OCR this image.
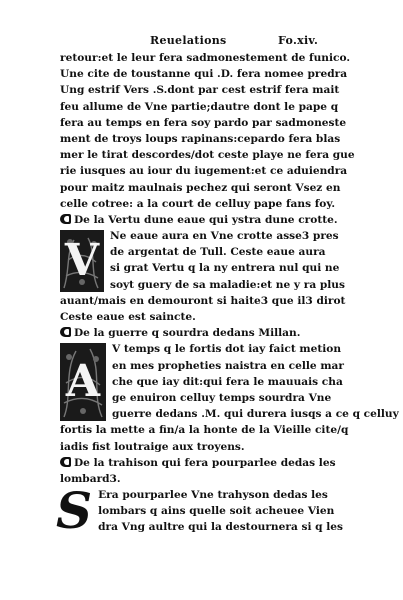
Reuelations	Fo.xiv.
retour:et le leur fera sadmonestement de funico.
Une cite de toustanne qui .D. fera nomee predra
Ung estrif Vers .S.dont par cest estrif fera mait
feu allume de Vne partie;dautre dont le pape q
fera au temps en fera soy pardo par sadmoneste
ment de troys loups rapinans:cepardo fera blas
mer le tirat descordes/dot ceste playe ne fera gue
rie iusques au iour du iugement:et ce aduiendra
pour maitz maulnais pechez qui seront Vsez en
celle cotree: a la court de celluy pape fans foy.
De la Vertu dune eaue qui ystra dune crotte.
V	Ne eaue aura en Vne crotte asse3 pres
de argentat de Tull. Ceste eaue aura
si grat Vertu q la ny entrera nul qui ne
soyt guery de sa maladie:et ne y ra plus
auant/mais en demouront si haite3 que il3 dirot
Ceste eaue est saincte.
De la guerre q sourdra dedans Millan.
A
V temps q le fortis dot iay faict metion
en mes propheties naistra en celle mar
che que iay dit:qui fera le mauuais cha
ge enuiron celluy temps sourdra Vne
guerre dedans .M. qui durera iusqs a ce q celluy
fortis la mette a fin/a la honte de la Vieille cite/q
iadis fist loutraige aux troyens.
De la trahison qui fera pourparlee dedas les
lombard3.
S Era pourparlee Vne trahyson dedas les
lombars q ains quelle soit acheuee Vien
dra Vng aultre qui la destournera si q les
